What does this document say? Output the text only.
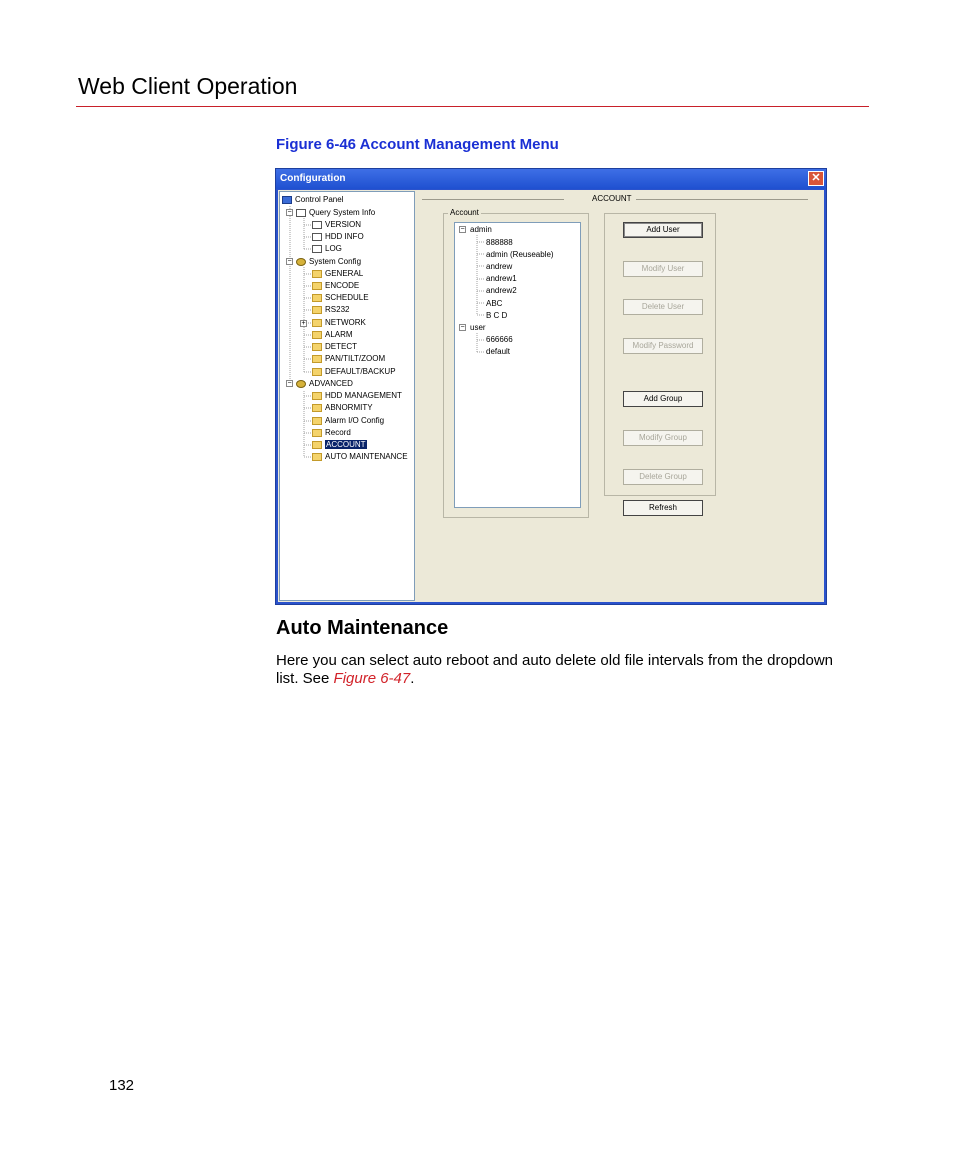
Web Client Operation
Figure 6-46 Account Management Menu
Configuration	✕
Control Panel
−	Query System Info
VERSION
HDD INFO
LOG
−	System Config
GENERAL
ENCODE
SCHEDULE
RS232
+	NETWORK
ALARM
DETECT
PAN/TILT/ZOOM
DEFAULT/BACKUP
−	ADVANCED
HDD MANAGEMENT
ABNORMITY
Alarm I/O Config
Record
ACCOUNT
AUTO MAINTENANCE
ACCOUNT
Account
− admin
888888
admin (Reuseable)
andrew
andrew1
andrew2
ABC
B C D
− user
666666
default
Add User
Modify User
Delete User
Modify Password
Add Group
Modify Group
Delete Group
Refresh
Auto Maintenance
Here you can select auto reboot and auto delete old file intervals from the dropdown list. See Figure 6-47.
132
